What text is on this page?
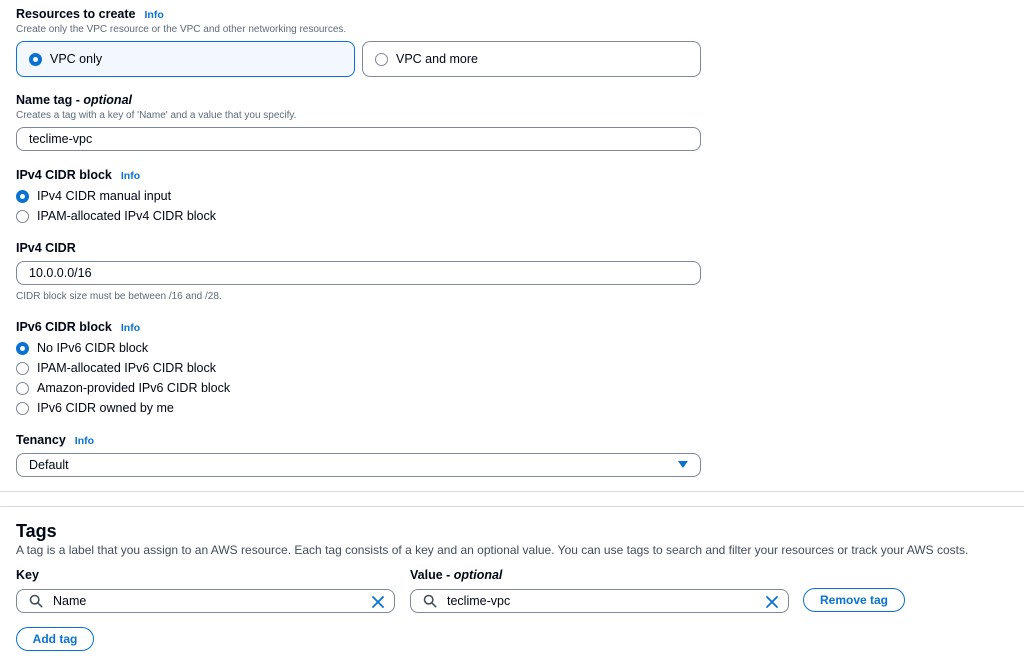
Resources to create Info
Create only the VPC resource or the VPC and other networking resources.
VPC only	VPC and more
Name tag - optional
Creates a tag with a key of 'Name' and a value that you specify.
teclime-vpc
IPv4 CIDR block Info
IPv4 CIDR manual input
IPAM-allocated IPv4 CIDR block
IPv4 CIDR
10.0.0.0/16
CIDR block size must be between /16 and /28.
IPv6 CIDR block Info
No IPv6 CIDR block
IPAM-allocated IPv6 CIDR block
Amazon-provided IPv6 CIDR block
IPv6 CIDR owned by me
Tenancy Info
Default
Tags
A tag is a label that you assign to an AWS resource. Each tag consists of a key and an optional value. You can use tags to search and filter your resources or track your AWS costs.
Key	Value - optional
Name	teclime-vpc	Remove tag
Add tag
